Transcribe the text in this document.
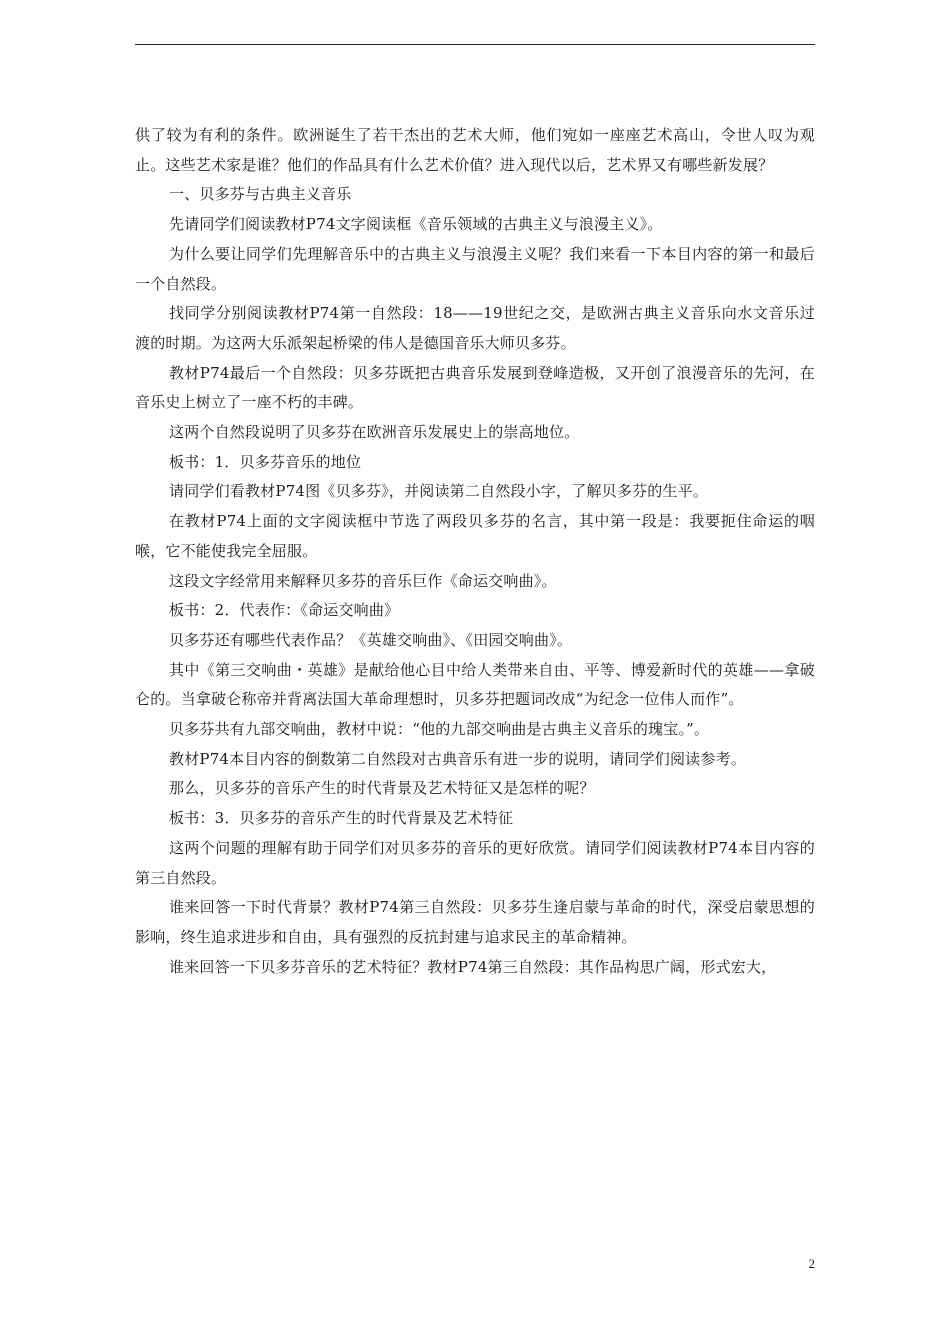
供了较为有利的条件。欧洲诞生了若干杰出的艺术大师，他们宛如一座座艺术高山，令世人叹为观止。这些艺术家是谁？他们的作品具有什么艺术价值？进入现代以后，艺术界又有哪些新发展？

一、贝多芬与古典主义音乐

先请同学们阅读教材P74文字阅读框《音乐领域的古典主义与浪漫主义》。

为什么要让同学们先理解音乐中的古典主义与浪漫主义呢？我们来看一下本目内容的第一和最后一个自然段。

找同学分别阅读教材P74第一自然段：18——19世纪之交，是欧洲古典主义音乐向水文音乐过渡的时期。为这两大乐派架起桥梁的伟人是德国音乐大师贝多芬。

教材P74最后一个自然段：贝多芬既把古典音乐发展到登峰造极，又开创了浪漫音乐的先河，在音乐史上树立了一座不朽的丰碑。

这两个自然段说明了贝多芬在欧洲音乐发展史上的崇高地位。

板书：1．贝多芬音乐的地位

请同学们看教材P74图《贝多芬》，并阅读第二自然段小字，了解贝多芬的生平。

在教材P74上面的文字阅读框中节选了两段贝多芬的名言，其中第一段是：我要扼住命运的咽喉，它不能使我完全屈服。

这段文字经常用来解释贝多芬的音乐巨作《命运交响曲》。

板书：2．代表作：《命运交响曲》

贝多芬还有哪些代表作品？《英雄交响曲》、《田园交响曲》。

其中《第三交响曲・英雄》是献给他心目中给人类带来自由、平等、博爱新时代的英雄——拿破仑的。当拿破仑称帝并背离法国大革命理想时，贝多芬把题词改成“为纪念一位伟人而作”。

贝多芬共有九部交响曲，教材中说：“他的九部交响曲是古典主义音乐的瑰宝。”。

教材P74本目内容的倒数第二自然段对古典音乐有进一步的说明，请同学们阅读参考。

那么，贝多芬的音乐产生的时代背景及艺术特征又是怎样的呢？

板书：3．贝多芬的音乐产生的时代背景及艺术特征

这两个问题的理解有助于同学们对贝多芬的音乐的更好欣赏。请同学们阅读教材P74本目内容的第三自然段。

谁来回答一下时代背景？教材P74第三自然段：贝多芬生逢启蒙与革命的时代，深受启蒙思想的影响，终生追求进步和自由，具有强烈的反抗封建与追求民主的革命精神。

谁来回答一下贝多芬音乐的艺术特征？教材P74第三自然段：其作品构思广阔，形式宏大，

2
